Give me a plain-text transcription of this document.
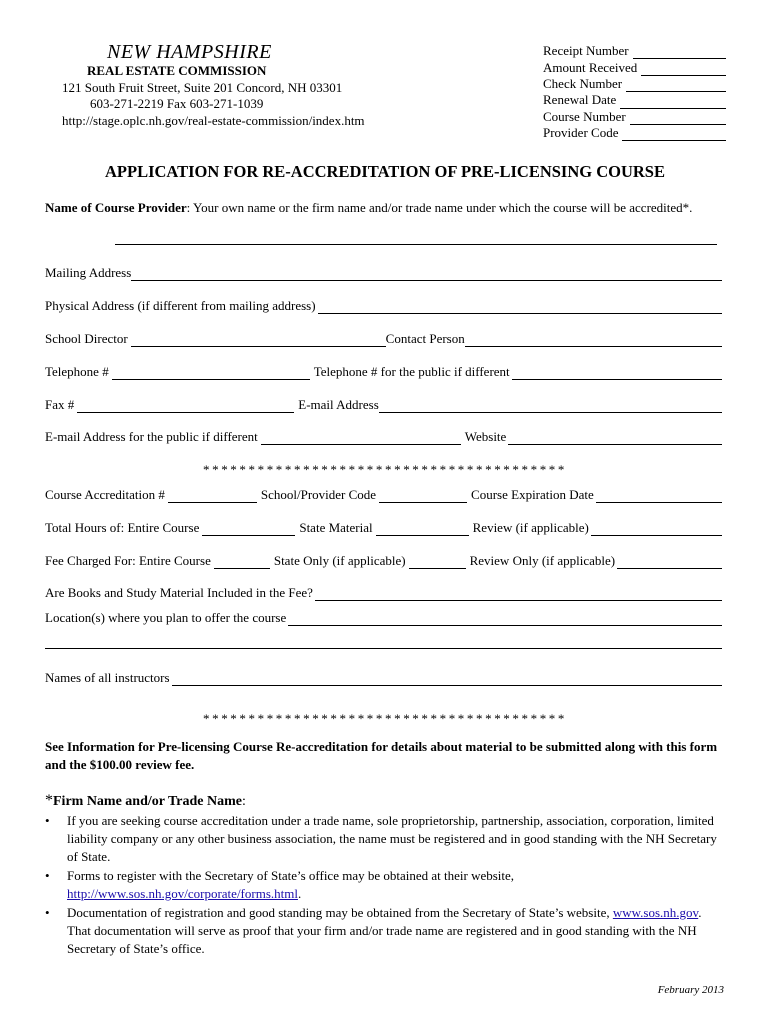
NEW HAMPSHIRE
REAL ESTATE COMMISSION
121 South Fruit Street, Suite 201 Concord, NH 03301
603-271-2219 Fax 603-271-1039
http://stage.oplc.nh.gov/real-estate-commission/index.htm
Receipt Number
Amount Received
Check Number
Renewal Date
Course Number
Provider Code
APPLICATION FOR RE-ACCREDITATION OF PRE-LICENSING COURSE
Name of Course Provider: Your own name or the firm name and/or trade name under which the course will be accredited*.
Mailing Address
Physical Address (if different from mailing address)
School Director	Contact Person
Telephone #	Telephone # for the public if different
Fax #	E-mail Address
E-mail Address for the public if different	Website
****************************************
Course Accreditation #	School/Provider Code	Course Expiration Date
Total Hours of: Entire Course	State Material	Review (if applicable)
Fee Charged For: Entire Course	State Only (if applicable)	Review Only (if applicable)
Are Books and Study Material Included in the Fee?
Location(s) where you plan to offer the course
Names of all instructors
****************************************
See Information for Pre-licensing Course Re-accreditation for details about material to be submitted along with this form and the $100.00 review fee.
*Firm Name and/or Trade Name:
•	If you are seeking course accreditation under a trade name, sole proprietorship, partnership, association, corporation, limited liability company or any other business association, the name must be registered and in good standing with the NH Secretary of State.
•	Forms to register with the Secretary of State’s office may be obtained at their website,
http://www.sos.nh.gov/corporate/forms.html.
•	Documentation of registration and good standing may be obtained from the Secretary of State’s website, www.sos.nh.gov. That documentation will serve as proof that your firm and/or trade name are registered and in good standing with the NH Secretary of State’s office.
February 2013
